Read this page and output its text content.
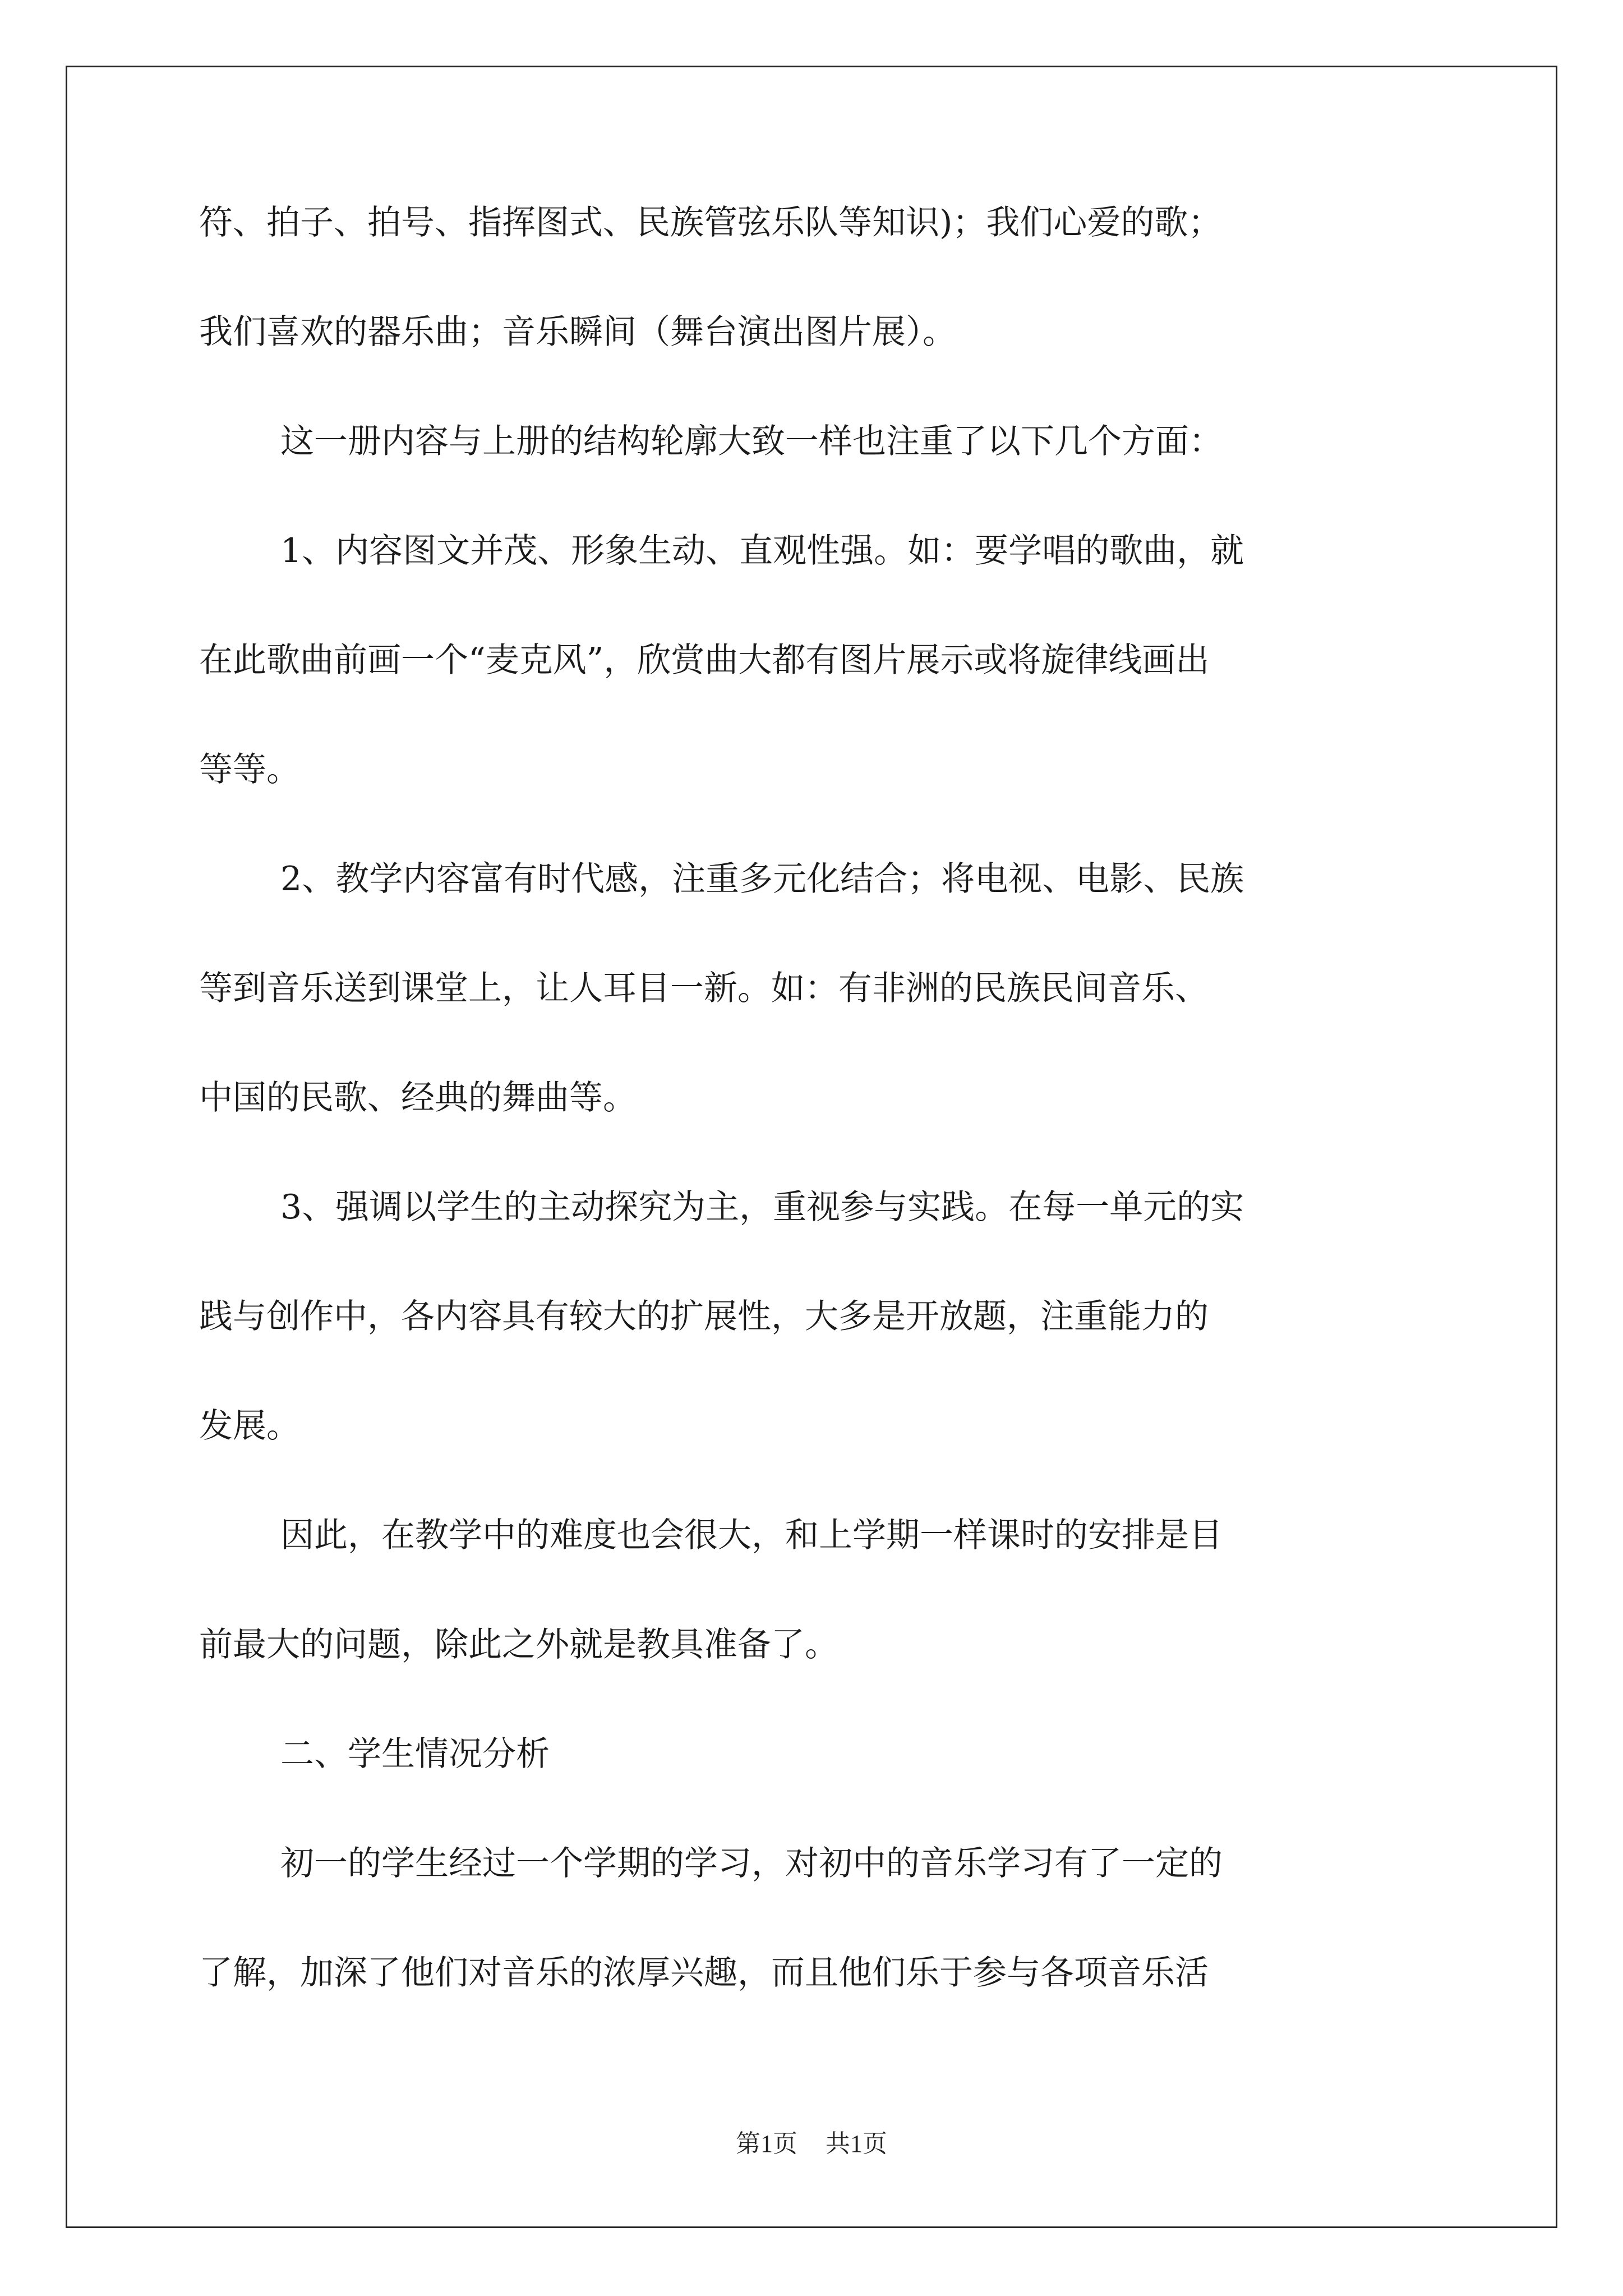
符、拍子、拍号、指挥图式、民族管弦乐队等知识)；我们心爱的歌；
我们喜欢的器乐曲；音乐瞬间（舞台演出图片展）。
这一册内容与上册的结构轮廓大致一样也注重了以下几个方面：
1、内容图文并茂、形象生动、直观性强。如：要学唱的歌曲，就
在此歌曲前画一个“麦克风”，欣赏曲大都有图片展示或将旋律线画出
等等。
2、教学内容富有时代感，注重多元化结合；将电视、电影、民族
等到音乐送到课堂上，让人耳目一新。如：有非洲的民族民间音乐、
中国的民歌、经典的舞曲等。
3、强调以学生的主动探究为主，重视参与实践。在每一单元的实
践与创作中，各内容具有较大的扩展性，大多是开放题，注重能力的
发展。
因此，在教学中的难度也会很大，和上学期一样课时的安排是目
前最大的问题，除此之外就是教具准备了。
二、学生情况分析
初一的学生经过一个学期的学习，对初中的音乐学习有了一定的
了解，加深了他们对音乐的浓厚兴趣，而且他们乐于参与各项音乐活
第1页 共1页
